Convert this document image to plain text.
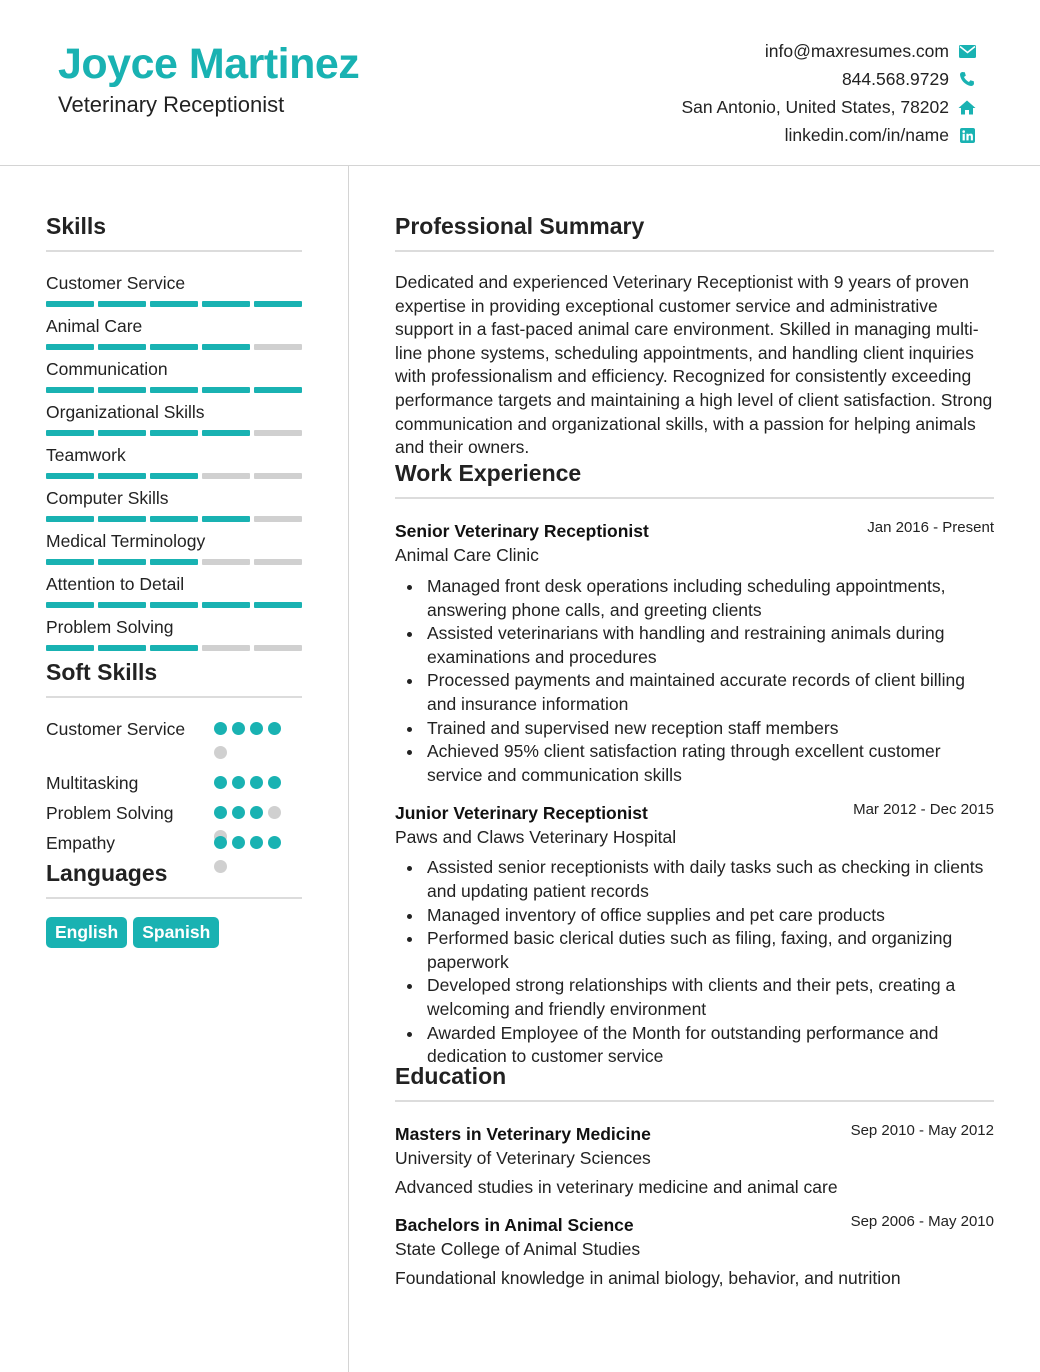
Joyce Martinez
Veterinary Receptionist
info@maxresumes.com
844.568.9729
San Antonio, United States, 78202
linkedin.com/in/name
Skills
Customer Service
Animal Care
Communication
Organizational Skills
Teamwork
Computer Skills
Medical Terminology
Attention to Detail
Problem Solving
Soft Skills
Customer Service
Multitasking
Problem Solving
Empathy
Languages
English	Spanish
Professional Summary
Dedicated and experienced Veterinary Receptionist with 9 years of proven expertise in providing exceptional customer service and administrative support in a fast-paced animal care environment. Skilled in managing multi-line phone systems, scheduling appointments, and handling client inquiries with professionalism and efficiency. Recognized for consistently exceeding performance targets and maintaining a high level of client satisfaction. Strong communication and organizational skills, with a passion for helping animals and their owners.
Work Experience
Senior Veterinary Receptionist	Jan 2016 - Present
Animal Care Clinic
Managed front desk operations including scheduling appointments, answering phone calls, and greeting clients
Assisted veterinarians with handling and restraining animals during examinations and procedures
Processed payments and maintained accurate records of client billing and insurance information
Trained and supervised new reception staff members
Achieved 95% client satisfaction rating through excellent customer service and communication skills
Junior Veterinary Receptionist	Mar 2012 - Dec 2015
Paws and Claws Veterinary Hospital
Assisted senior receptionists with daily tasks such as checking in clients and updating patient records
Managed inventory of office supplies and pet care products
Performed basic clerical duties such as filing, faxing, and organizing paperwork
Developed strong relationships with clients and their pets, creating a welcoming and friendly environment
Awarded Employee of the Month for outstanding performance and dedication to customer service
Education
Masters in Veterinary Medicine	Sep 2010 - May 2012
University of Veterinary Sciences
Advanced studies in veterinary medicine and animal care
Bachelors in Animal Science	Sep 2006 - May 2010
State College of Animal Studies
Foundational knowledge in animal biology, behavior, and nutrition
